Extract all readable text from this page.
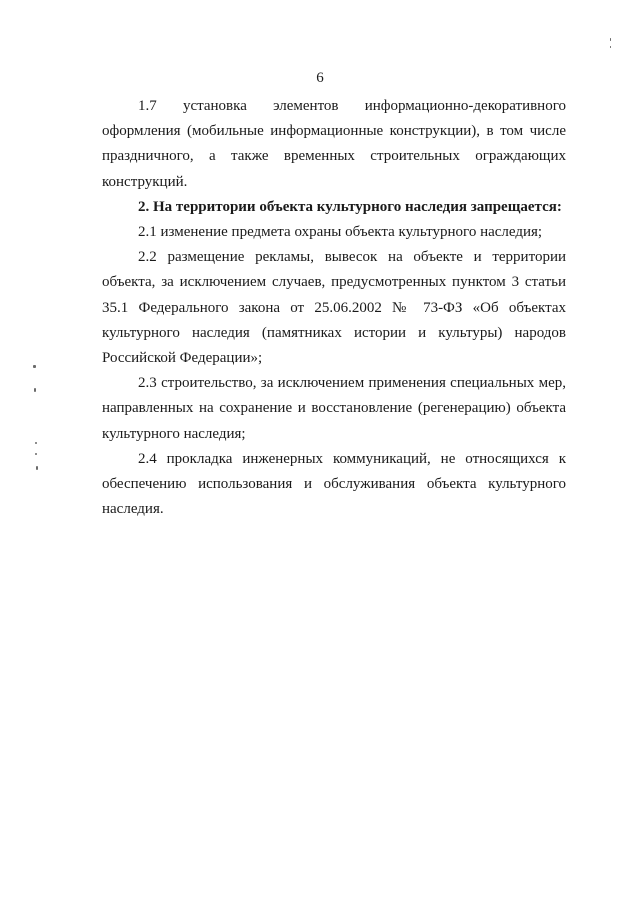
6

1.7 установка элементов информационно-декоративного оформления (мобильные информационные конструкции), в том числе праздничного, а также временных строительных ограждающих конструкций.

2. На территории объекта культурного наследия запрещается:

2.1 изменение предмета охраны объекта культурного наследия;

2.2 размещение рекламы, вывесок на объекте и территории объекта, за исключением случаев, предусмотренных пунктом 3 статьи 35.1 Федерального закона от 25.06.2002 № 73-ФЗ «Об объектах культурного наследия (памятниках истории и культуры) народов Российской Федерации»;

2.3 строительство, за исключением применения специальных мер, направленных на сохранение и восстановление (регенерацию) объекта культурного наследия;

2.4 прокладка инженерных коммуникаций, не относящихся к обеспечению использования и обслуживания объекта культурного наследия.
